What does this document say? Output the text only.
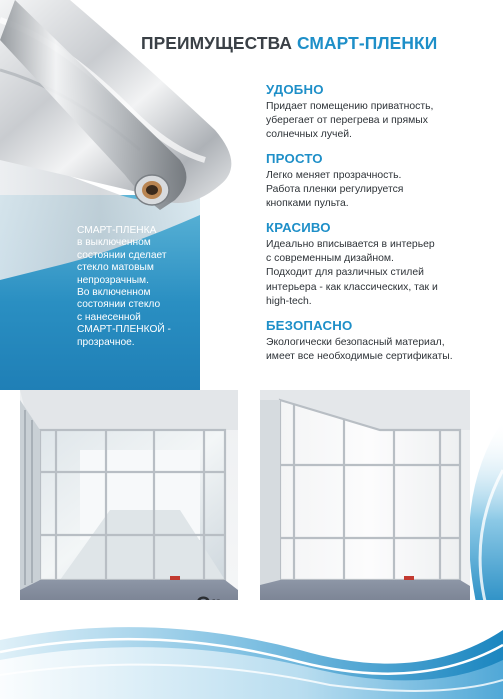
СМАРТ-ПЛЕНКА

в выключенном

состоянии сделает

стекло матовым

непрозрачным.

Во включенном

состоянии стекло

с нанесенной

СМАРТ-ПЛЕНКОЙ -

прозрачное.

ПРЕИМУЩЕСТВА СМАРТ-ПЛЕНКИ
УДОБНО

Придает помещению приватность,

уберегает от перегрева и прямых

солнечных лучей.

ПРОСТО

Легко меняет прозрачность.

Работа пленки регулируется

кнопками пульта.

КРАСИВО

Идеально вписывается в интерьер

с современным дизайном.

Подходит для различных стилей

интерьера - как классических, так и

high-tech.

БЕЗОПАСНО

Экологически безопасный материал,

имеет все необходимые сертификаты.
